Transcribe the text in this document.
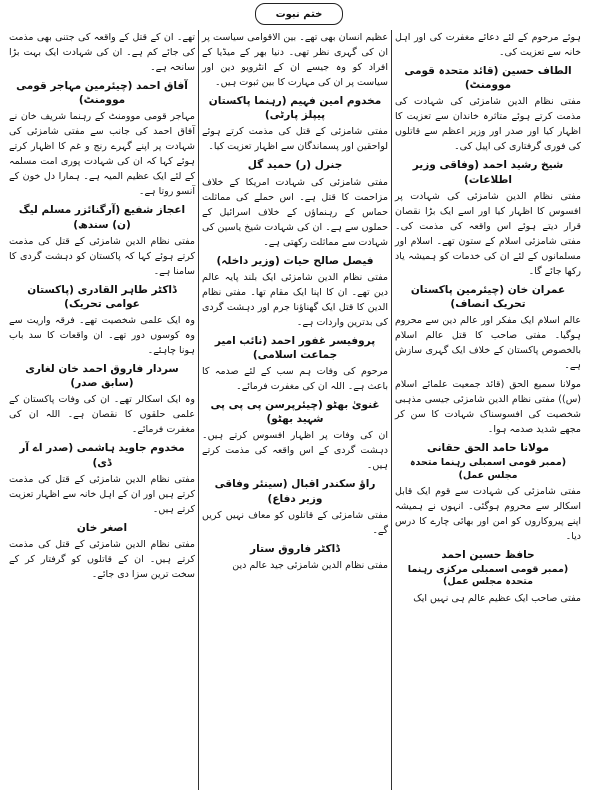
ختم نبوت

ہوئے مرحوم کے لئے دعائے مغفرت کی اور اہل خانہ سے تعزیت کی۔

الطاف حسین (قائد متحدہ قومی موومنٹ)

مفتی نظام الدین شامزئی کی شہادت کی مذمت کرتے ہوئے متاثرہ خاندان سے تعزیت کا اظہار کیا اور صدر اور وزیر اعظم سے قاتلوں کی فوری گرفتاری کی اپیل کی۔

شیخ رشید احمد (وفاقی وزیر اطلاعات)

مفتی نظام الدین شامزئی کی شہادت پر افسوس کا اظہار کیا اور اسے ایک بڑا نقصان قرار دیتے ہوئے اس واقعہ کی مذمت کی۔ مفتی شامزئی اسلام کے ستون تھے۔ اسلام اور مسلمانوں کے لئے ان کی خدمات کو ہمیشہ یاد رکھا جائے گا۔

عمران خان (چیئرمین پاکستان تحریک انصاف)

عالم اسلام ایک مفکر اور عالم دین سے محروم ہوگیا۔ مفتی صاحب کا قتل عالم اسلام بالخصوص پاکستان کے خلاف ایک گہری سازش ہے۔

مولانا سمیع الحق (قائد جمعیت علمائے اسلام (س)) مفتی نظام الدین شامزئی جیسی مذہبی شخصیت کی افسوسناک شہادت کا سن کر مجھے شدید صدمہ ہوا۔

مولانا حامد الحق حقانی
(ممبر قومی اسمبلی رہنما متحدہ مجلس عمل)

مفتی شامزئی کی شہادت سے قوم ایک قابل اسکالر سے محروم ہوگئی۔ انہوں نے ہمیشہ اپنے پیروکاروں کو امن اور بھائی چارے کا درس دیا۔

حافظ حسین احمد
(ممبر قومی اسمبلی مرکزی رہنما متحدہ مجلس عمل)

مفتی صاحب ایک عظیم عالم ہی نہیں ایک

عظیم انسان بھی تھے۔ بین الاقوامی سیاست پر ان کی گہری نظر تھی۔ دنیا بھر کے میڈیا کے افراد کو وہ جیسے ان کے انٹرویو دین اور سیاست پر ان کی مہارت کا بین ثبوت ہیں۔

مخدوم امین فہیم (رہنما پاکستان پیپلز پارٹی)

مفتی شامزئی کے قتل کی مذمت کرتے ہوئے لواحقین اور پسماندگان سے اظہار تعزیت کیا۔

جنرل (ر) حمید گل

مفتی شامزئی کی شہادت امریکا کے خلاف مزاحمت کا قتل ہے۔ اس حملے کی مماثلت حماس کے رہنماؤں کے خلاف اسرائیل کے حملوں سے ہے۔ ان کی شہادت شیخ یاسین کی شہادت سے مماثلت رکھتی ہے۔

فیصل صالح حیات (وزیر داخلہ)

مفتی نظام الدین شامزئی ایک بلند پایہ عالم دین تھے۔ ان کا اپنا ایک مقام تھا۔ مفتی نظام الدین کا قتل ایک گھناؤنا جرم اور دہشت گردی کی بدترین واردات ہے۔

پروفیسر غفور احمد (نائب امیر جماعت اسلامی)

مرحوم کی وفات ہم سب کے لئے صدمہ کا باعث ہے۔ اللہ ان کی مغفرت فرمائے۔

غنویٰ بھٹو (چیئرپرسن پی پی پی شہید بھٹو)

ان کی وفات پر اظہار افسوس کرتے ہیں۔ دہشت گردی کے اس واقعہ کی مذمت کرتے ہیں۔

راؤ سکندر اقبال (سینئر وفاقی وزیر دفاع)

مفتی شامزئی کے قاتلوں کو معاف نہیں کریں گے۔

ڈاکٹر فاروق ستار

مفتی نظام الدین شامزئی جید عالم دین

تھے۔ ان کے قتل کے واقعہ کی جتنی بھی مذمت کی جائے کم ہے۔ ان کی شہادت ایک بہت بڑا سانحہ ہے۔

آفاق احمد (چیئرمین مہاجر قومی موومنٹ)

مہاجر قومی موومنٹ کے رہنما شریف خان نے آفاق احمد کی جانب سے مفتی شامزئی کی شہادت پر اپنے گہرے رنج و غم کا اظہار کرتے ہوئے کہا کہ ان کی شہادت پوری امت مسلمہ کے لئے ایک عظیم المیہ ہے۔ ہمارا دل خون کے آنسو روتا ہے۔

اعجاز شفیع (آرگنائزر مسلم لیگ (ن) سندھ)

مفتی نظام الدین شامزئی کے قتل کی مذمت کرتے ہوئے کہا کہ پاکستان کو دہشت گردی کا سامنا ہے۔

ڈاکٹر طاہر القادری (پاکستان عوامی تحریک)

وہ ایک علمی شخصیت تھے۔ فرقہ واریت سے وہ کوسوں دور تھے۔ ان واقعات کا سد باب ہونا چاہئے۔

سردار فاروق احمد خان لغاری (سابق صدر)

وہ ایک اسکالر تھے۔ ان کی وفات پاکستان کے علمی حلقوں کا نقصان ہے۔ اللہ ان کی مغفرت فرمائے۔

مخدوم جاوید ہاشمی (صدر اے آر ڈی)

مفتی نظام الدین شامزئی کے قتل کی مذمت کرتے ہیں اور ان کے اہل خانہ سے اظہار تعزیت کرتے ہیں۔

اصغر خان

مفتی نظام الدین شامزئی کے قتل کی مذمت کرتے ہیں۔ ان کے قاتلوں کو گرفتار کر کے سخت ترین سزا دی جائے۔
